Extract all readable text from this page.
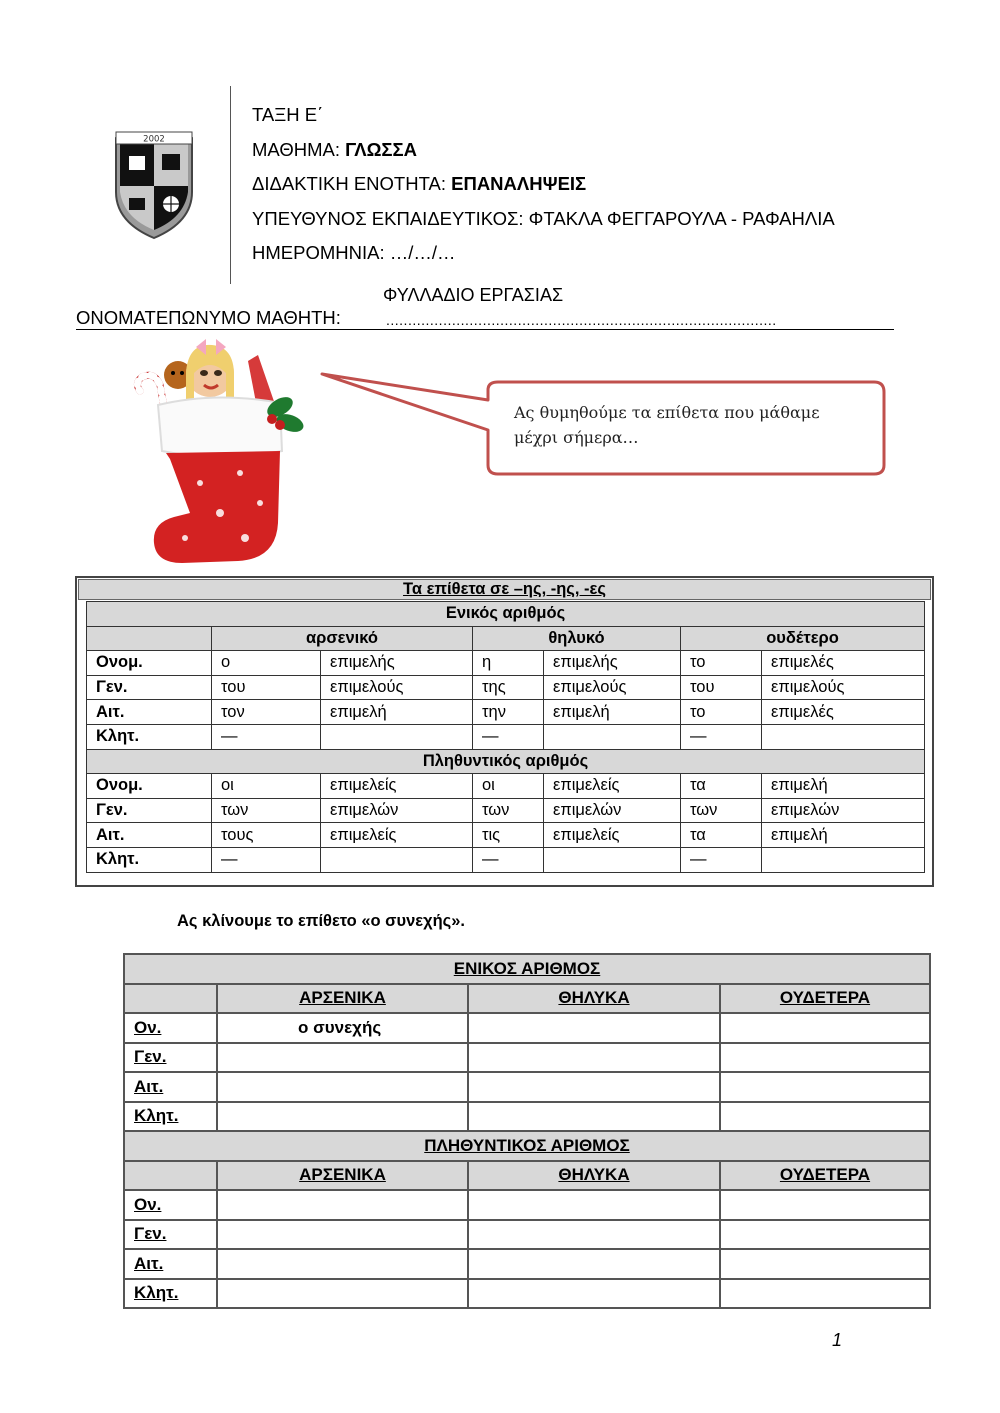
2002
ΤΑΞΗ Ε΄
ΜΑΘΗΜΑ: ΓΛΩΣΣΑ
ΔΙΔΑΚΤΙΚΗ ΕΝΟΤΗΤΑ: ΕΠΑΝΑΛΗΨΕΙΣ
ΥΠΕΥΘΥΝΟΣ ΕΚΠΑΙΔΕΥΤΙΚΟΣ: ΦΤΑΚΛΑ ΦΕΓΓΑΡΟΥΛΑ - ΡΑΦΑΗΛΙΑ
ΗΜΕΡΟΜΗΝΙΑ: …/…/…
ΦΥΛΛΑΔΙΟ ΕΡΓΑΣΙΑΣ
ΟΝΟΜΑΤΕΠΩΝΥΜΟ ΜΑΘΗΤΗ:	.........................................................................................
Ας θυμηθούμε τα επίθετα που μάθαμε μέχρι σήμερα…
Τα επίθετα σε –ης, -ης, -ες
Ενικός αριθμός						
	αρσενικό		θηλυκό		ουδέτερο	
Ονομ.	ο	επιμελής	η	επιμελής	το	επιμελές
Γεν.	του	επιμελούς	της	επιμελούς	του	επιμελούς
Αιτ.	τον	επιμελή	την	επιμελή	το	επιμελές
Κλητ.	—		—		—	
Πληθυντικός αριθμός						
Ονομ.	οι	επιμελείς	οι	επιμελείς	τα	επιμελή
Γεν.	των	επιμελών	των	επιμελών	των	επιμελών
Αιτ.	τους	επιμελείς	τις	επιμελείς	τα	επιμελή
Κλητ.	—		—		—	
Ας κλίνουμε το επίθετο «ο συνεχής».
ΕΝΙΚΟΣ ΑΡΙΘΜΟΣ			
	ΑΡΣΕΝΙΚΑ	ΘΗΛΥΚΑ	ΟΥΔΕΤΕΡΑ
Ον.	ο συνεχής		
Γεν.			
Αιτ.			
Κλητ.			
ΠΛΗΘΥΝΤΙΚΟΣ ΑΡΙΘΜΟΣ			
	ΑΡΣΕΝΙΚΑ	ΘΗΛΥΚΑ	ΟΥΔΕΤΕΡΑ
Ον.			
Γεν.			
Αιτ.			
Κλητ.			
1
